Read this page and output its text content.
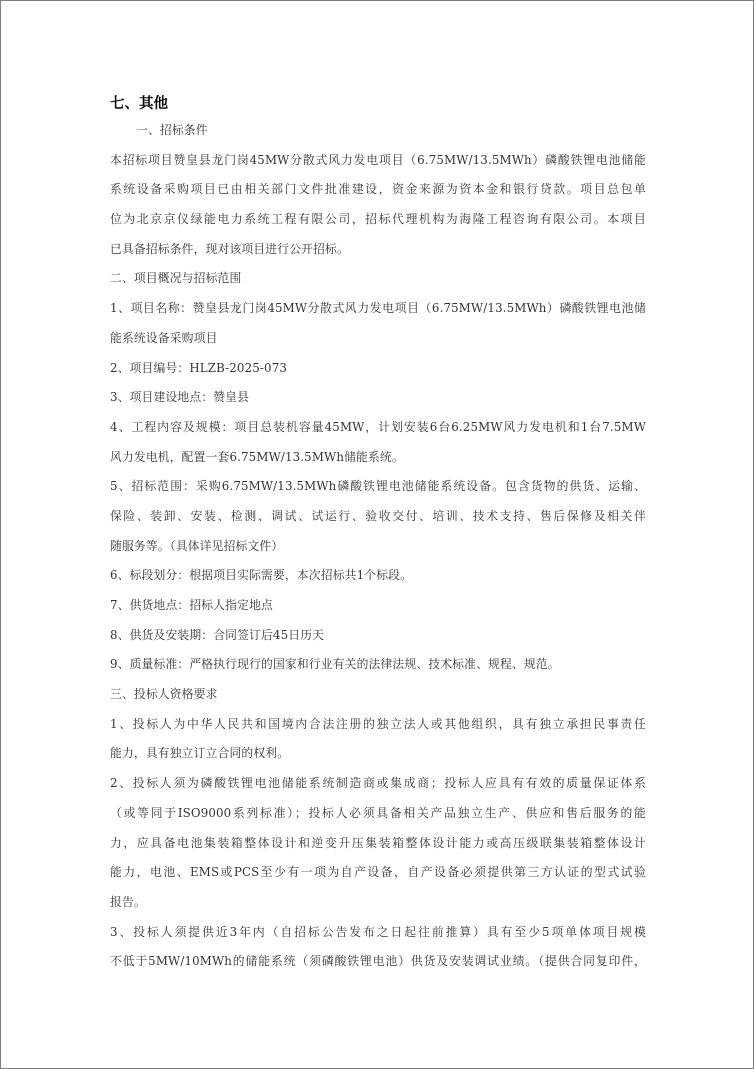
七、其他

一、招标条件

本招标项目赞皇县龙门岗45MW分散式风力发电项目（6.75MW/13.5MWh）磷酸铁锂电池储能

系统设备采购项目已由相关部门文件批准建设，资金来源为资本金和银行贷款。项目总包单

位为北京京仪绿能电力系统工程有限公司，招标代理机构为海隆工程咨询有限公司。本项目

已具备招标条件，现对该项目进行公开招标。

二、项目概况与招标范围

1、项目名称：赞皇县龙门岗45MW分散式风力发电项目（6.75MW/13.5MWh）磷酸铁锂电池储

能系统设备采购项目

2、项目编号：HLZB-2025-073

3、项目建设地点：赞皇县

4、工程内容及规模：项目总装机容量45MW，计划安装6台6.25MW风力发电机和1台7.5MW

风力发电机，配置一套6.75MW/13.5MWh储能系统。

5、招标范围：采购6.75MW/13.5MWh磷酸铁锂电池储能系统设备。包含货物的供货、运输、

保险、装卸、安装、检测、调试、试运行、验收交付、培训、技术支持、售后保修及相关伴

随服务等。（具体详见招标文件）

6、标段划分：根据项目实际需要，本次招标共1个标段。

7、供货地点：招标人指定地点

8、供货及安装期：合同签订后45日历天

9、质量标准：严格执行现行的国家和行业有关的法律法规、技术标准、规程、规范。

三、投标人资格要求

1、投标人为中华人民共和国境内合法注册的独立法人或其他组织，具有独立承担民事责任

能力，具有独立订立合同的权利。

2、投标人须为磷酸铁锂电池储能系统制造商或集成商；投标人应具有有效的质量保证体系

（或等同于ISO9000系列标准）；投标人必须具备相关产品独立生产、供应和售后服务的能

力，应具备电池集装箱整体设计和逆变升压集装箱整体设计能力或高压级联集装箱整体设计

能力，电池、EMS或PCS至少有一项为自产设备，自产设备必须提供第三方认证的型式试验

报告。

3、投标人须提供近3年内（自招标公告发布之日起往前推算）具有至少5项单体项目规模

不低于5MW/10MWh的储能系统（须磷酸铁锂电池）供货及安装调试业绩。（提供合同复印件，
